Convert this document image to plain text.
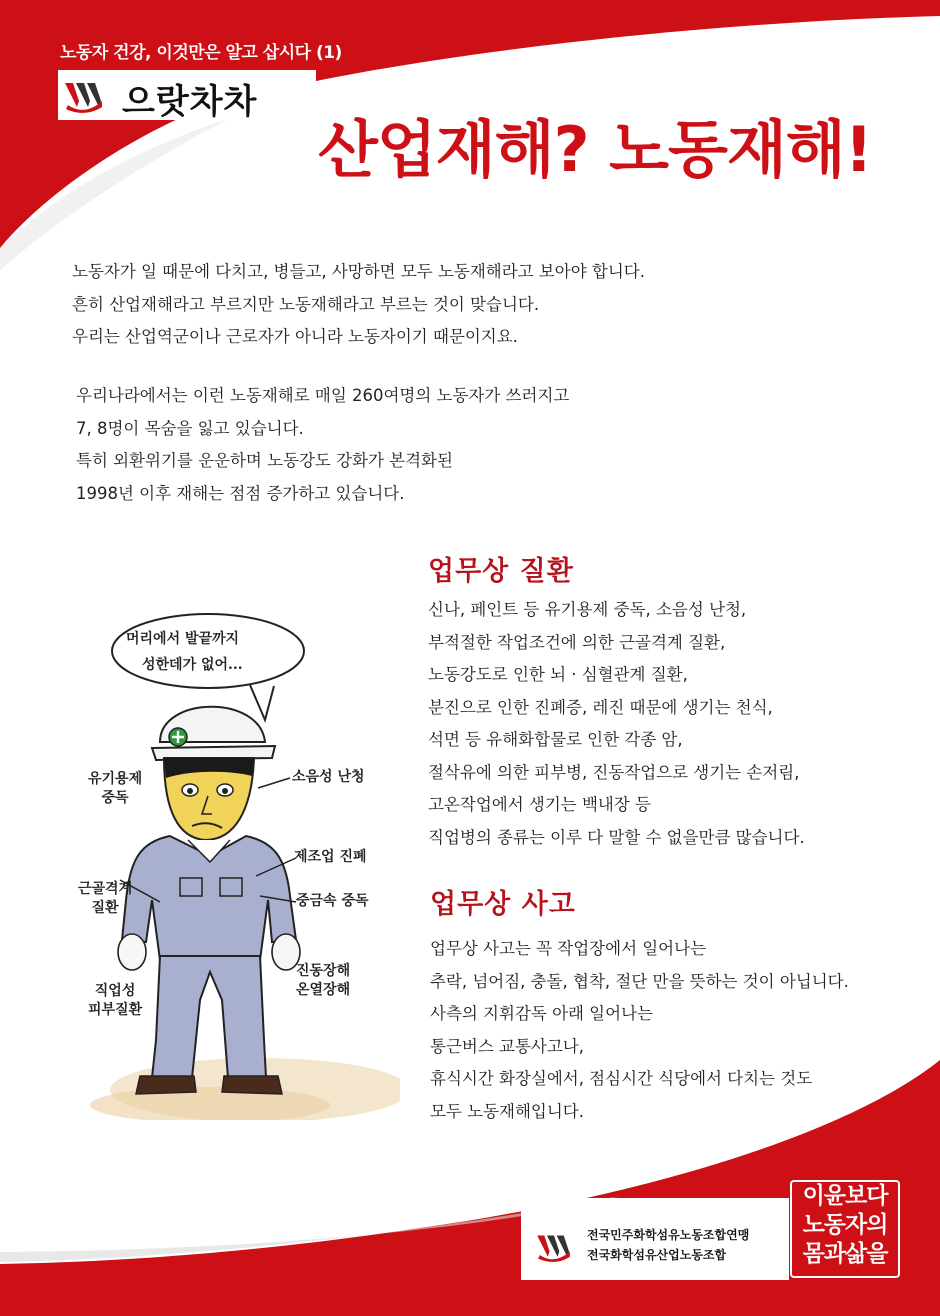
노동자 건강, 이것만은 알고 삽시다 (1)
으랏차차
산업재해? 노동재해!
노동자가 일 때문에 다치고, 병들고, 사망하면 모두 노동재해라고 보아야 합니다.
흔히 산업재해라고 부르지만 노동재해라고 부르는 것이 맞습니다.
우리는 산업역군이나 근로자가 아니라 노동자이기 때문이지요.
우리나라에서는 이런 노동재해로 매일 260여명의 노동자가 쓰러지고
7, 8명이 목숨을 잃고 있습니다.
특히 외환위기를 운운하며 노동강도 강화가 본격화된
1998년 이후 재해는 점점 증가하고 있습니다.
머리에서 발끝까지
성한데가 없어...
유기용제
중독
소음성 난청
제조업 진폐
근골격계
질환	중금속 중독
진동장해
온열장해
직업성
피부질환
업무상 질환
신나, 페인트 등 유기용제 중독, 소음성 난청,
부적절한 작업조건에 의한 근골격계 질환,
노동강도로 인한 뇌 · 심혈관계 질환,
분진으로 인한 진폐증, 레진 때문에 생기는 천식,
석면 등 유해화합물로 인한 각종 암,
절삭유에 의한 피부병, 진동작업으로 생기는 손저림,
고온작업에서 생기는 백내장 등
직업병의 종류는 이루 다 말할 수 없을만큼 많습니다.
업무상 사고
업무상 사고는 꼭 작업장에서 일어나는
추락, 넘어짐, 충돌, 협착, 절단 만을 뜻하는 것이 아닙니다.
사측의 지휘감독 아래 일어나는
통근버스 교통사고나,
휴식시간 화장실에서, 점심시간 식당에서 다치는 것도
모두 노동재해입니다.
전국민주화학섬유노동조합연맹
전국화학섬유산업노동조합
이윤보다
노동자의
몸과삶을
